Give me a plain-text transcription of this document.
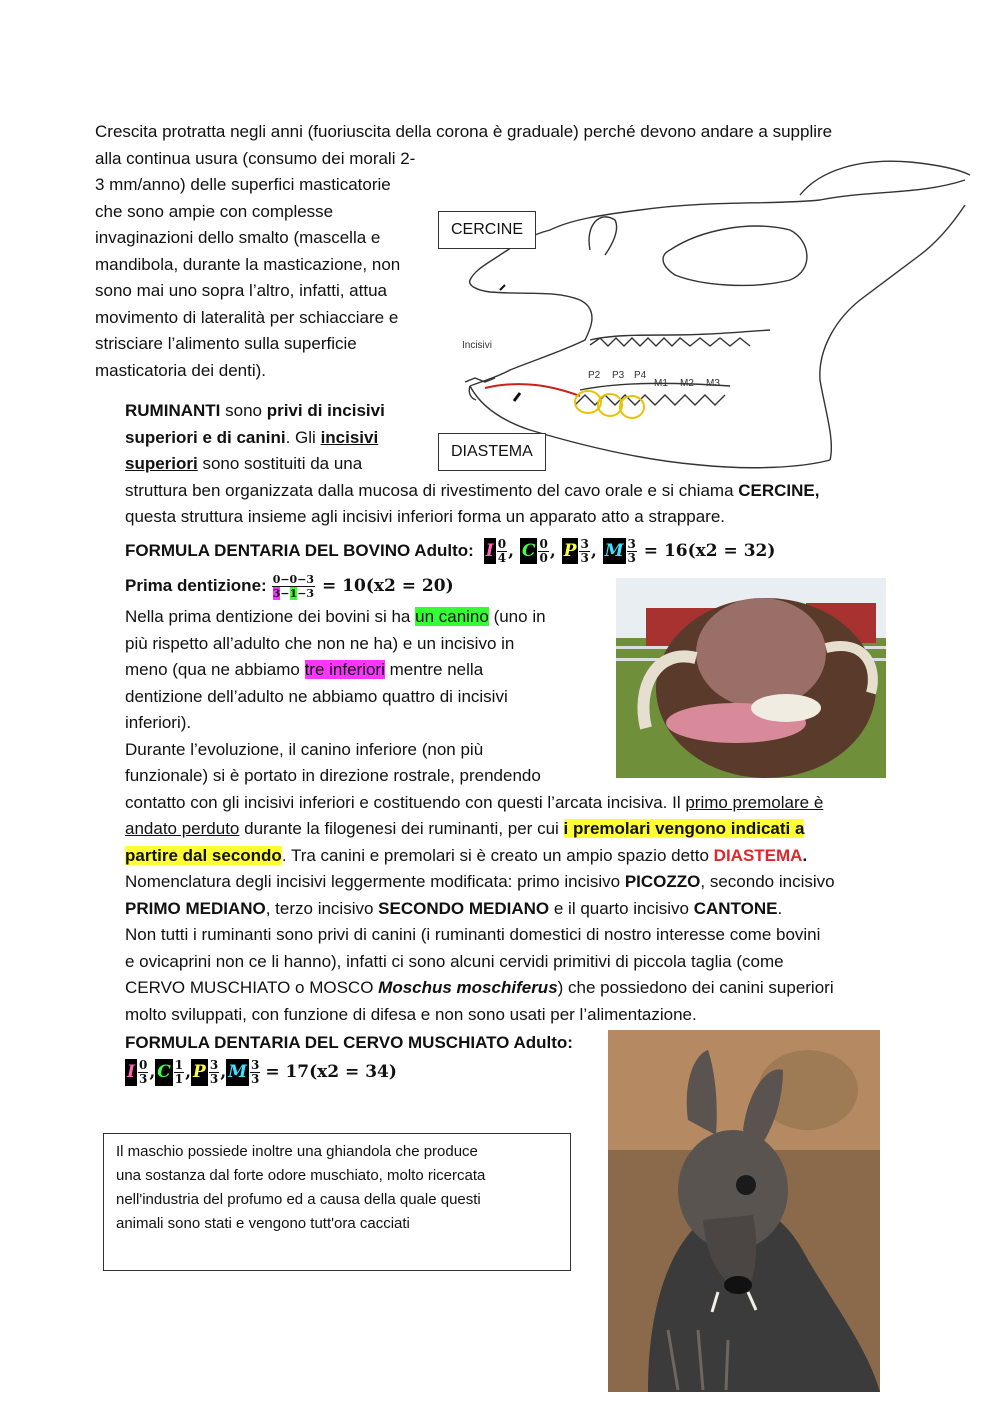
Crescita protratta negli anni (fuoriuscita della corona è graduale) perché devono andare a supplire

alla continua usura (consumo dei morali 2-

3 mm/anno) delle superfici masticatorie

che sono ampie con complesse

invaginazioni dello smalto (mascella e

mandibola, durante la masticazione, non

sono mai uno sopra l’altro, infatti, attua

movimento di lateralità per schiacciare e

strisciare l’alimento sulla superficie

masticatoria dei denti).

Incisivi
P2 P3 P4
M1 M2 M3
CERCINE
DIASTEMA

RUMINANTI sono privi di incisivi

superiori e di canini. Gli incisivi

superiori sono sostituiti da una

struttura ben organizzata dalla mucosa di rivestimento del cavo orale e si chiama CERCINE,

questa struttura insieme agli incisivi inferiori forma un apparato atto a strappare.

FORMULA DENTARIA DEL BOVINO Adulto: I $\frac{0}{4}$ , C $\frac{0}{0}$ , P $\frac{3}{3}$ , M $\frac{3}{3} = 16(x2 = 32)$
Prima dentizione: $\frac{0-0-3}{3-1-3} = 10(x2 = 20)$

Nella prima dentizione dei bovini si ha un canino (uno in

più rispetto all’adulto che non ne ha) e un incisivo in

meno (qua ne abbiamo tre inferiori mentre nella

dentizione dell’adulto ne abbiamo quattro di incisivi

inferiori).

Durante l’evoluzione, il canino inferiore (non più

funzionale) si è portato in direzione rostrale, prendendo

contatto con gli incisivi inferiori e costituendo con questi l’arcata incisiva. Il primo premolare è

andato perduto durante la filogenesi dei ruminanti, per cui i premolari vengono indicati a

partire dal secondo. Tra canini e premolari si è creato un ampio spazio detto DIASTEMA.

Nomenclatura degli incisivi leggermente modificata: primo incisivo PICOZZO, secondo incisivo

PRIMO MEDIANO, terzo incisivo SECONDO MEDIANO e il quarto incisivo CANTONE.

Non tutti i ruminanti sono privi di canini (i ruminanti domestici di nostro interesse come bovini

e ovicaprini non ce li hanno), infatti ci sono alcuni cervidi primitivi di piccola taglia (come

CERVO MUSCHIATO o MOSCO Moschus moschiferus) che possiedono dei canini superiori

molto sviluppati, con funzione di difesa e non sono usati per l’alimentazione.

FORMULA DENTARIA DEL CERVO MUSCHIATO Adulto:

I $\frac{0}{3}$ , C $\frac{1}{1}$ , P $\frac{3}{3}$ , M $\frac{3}{3} = 17(x2 = 34)$

Il maschio possiede inoltre una ghiandola che produce

una sostanza dal forte odore muschiato, molto ricercata

nell'industria del profumo ed a causa della quale questi

animali sono stati e vengono tutt'ora cacciati
